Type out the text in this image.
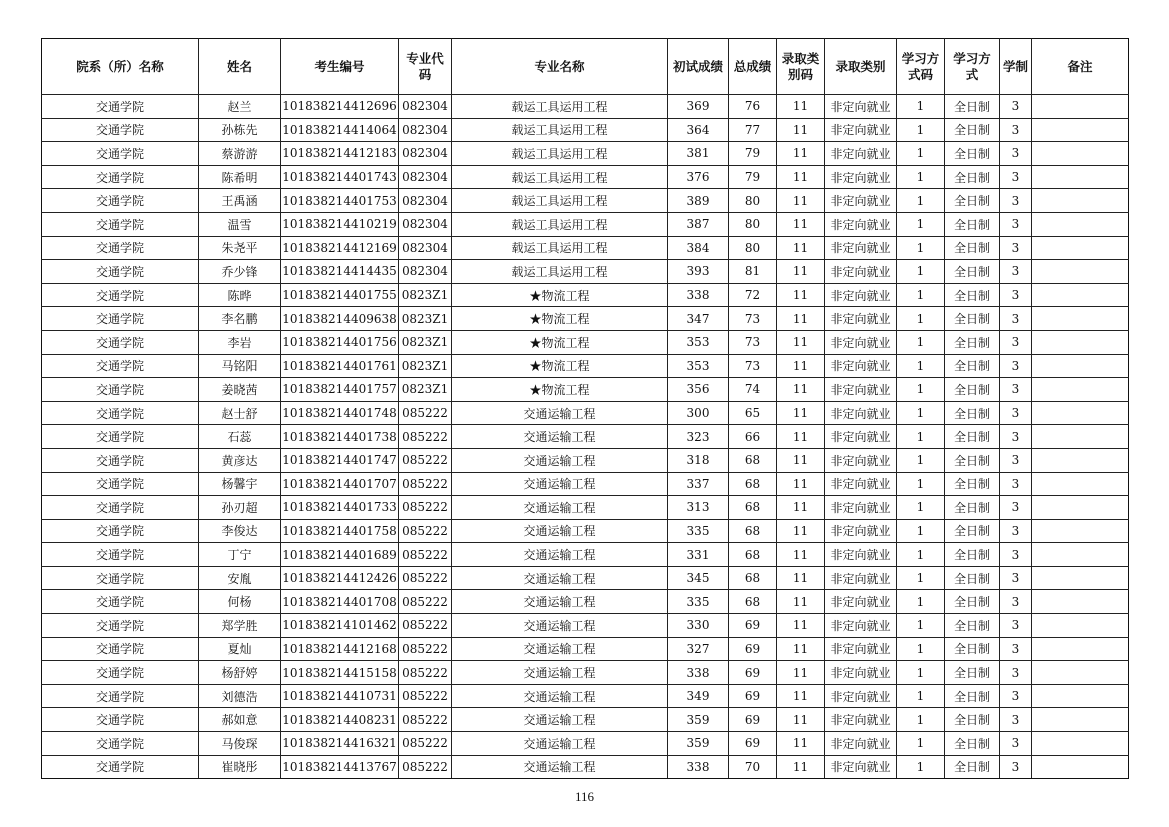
院系（所）名称	姓名	考生编号	专业代码	专业名称	初试成绩	总成绩	录取类别码	录取类别	学习方式码	学习方式	学制	备注
交通学院	赵兰	101838214412696	082304	载运工具运用工程	369	76	11	非定向就业	1	全日制	3	
交通学院	孙栋先	101838214414064	082304	载运工具运用工程	364	77	11	非定向就业	1	全日制	3	
交通学院	蔡游游	101838214412183	082304	载运工具运用工程	381	79	11	非定向就业	1	全日制	3	
交通学院	陈希明	101838214401743	082304	载运工具运用工程	376	79	11	非定向就业	1	全日制	3	
交通学院	王禹涵	101838214401753	082304	载运工具运用工程	389	80	11	非定向就业	1	全日制	3	
交通学院	温雪	101838214410219	082304	载运工具运用工程	387	80	11	非定向就业	1	全日制	3	
交通学院	朱尧平	101838214412169	082304	载运工具运用工程	384	80	11	非定向就业	1	全日制	3	
交通学院	乔少锋	101838214414435	082304	载运工具运用工程	393	81	11	非定向就业	1	全日制	3	
交通学院	陈晔	101838214401755	0823Z1	★物流工程	338	72	11	非定向就业	1	全日制	3	
交通学院	李名鹏	101838214409638	0823Z1	★物流工程	347	73	11	非定向就业	1	全日制	3	
交通学院	李岩	101838214401756	0823Z1	★物流工程	353	73	11	非定向就业	1	全日制	3	
交通学院	马铭阳	101838214401761	0823Z1	★物流工程	353	73	11	非定向就业	1	全日制	3	
交通学院	姜晓茜	101838214401757	0823Z1	★物流工程	356	74	11	非定向就业	1	全日制	3	
交通学院	赵士舒	101838214401748	085222	交通运输工程	300	65	11	非定向就业	1	全日制	3	
交通学院	石蕊	101838214401738	085222	交通运输工程	323	66	11	非定向就业	1	全日制	3	
交通学院	黄彦达	101838214401747	085222	交通运输工程	318	68	11	非定向就业	1	全日制	3	
交通学院	杨馨宇	101838214401707	085222	交通运输工程	337	68	11	非定向就业	1	全日制	3	
交通学院	孙刃超	101838214401733	085222	交通运输工程	313	68	11	非定向就业	1	全日制	3	
交通学院	李俊达	101838214401758	085222	交通运输工程	335	68	11	非定向就业	1	全日制	3	
交通学院	丁宁	101838214401689	085222	交通运输工程	331	68	11	非定向就业	1	全日制	3	
交通学院	安胤	101838214412426	085222	交通运输工程	345	68	11	非定向就业	1	全日制	3	
交通学院	何杨	101838214401708	085222	交通运输工程	335	68	11	非定向就业	1	全日制	3	
交通学院	郑学胜	101838214101462	085222	交通运输工程	330	69	11	非定向就业	1	全日制	3	
交通学院	夏灿	101838214412168	085222	交通运输工程	327	69	11	非定向就业	1	全日制	3	
交通学院	杨舒婷	101838214415158	085222	交通运输工程	338	69	11	非定向就业	1	全日制	3	
交通学院	刘德浩	101838214410731	085222	交通运输工程	349	69	11	非定向就业	1	全日制	3	
交通学院	郝如意	101838214408231	085222	交通运输工程	359	69	11	非定向就业	1	全日制	3	
交通学院	马俊琛	101838214416321	085222	交通运输工程	359	69	11	非定向就业	1	全日制	3	
交通学院	崔晓彤	101838214413767	085222	交通运输工程	338	70	11	非定向就业	1	全日制	3	
116
